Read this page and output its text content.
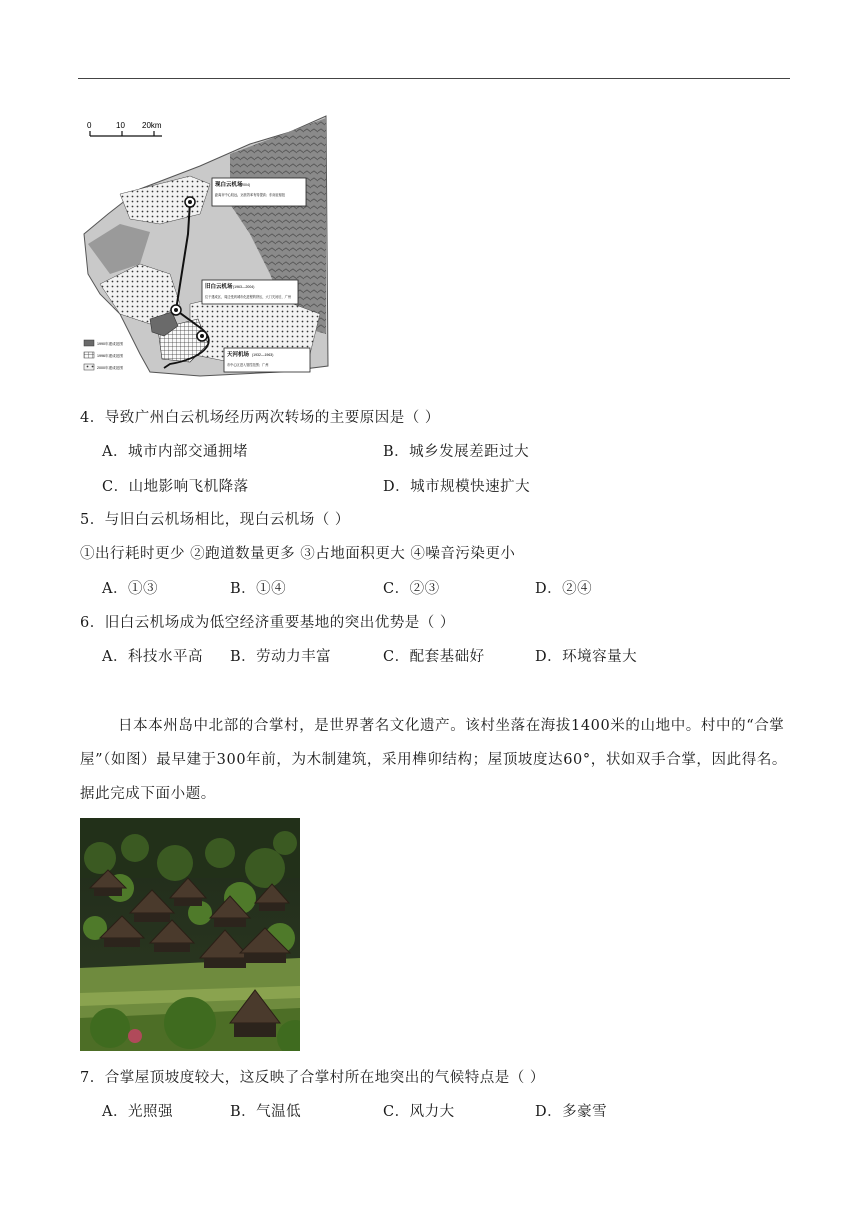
现白云机场
(2004)
距离市中心较远，运营效率有待提高；东南亚枢纽
旧白云机场 (1963—2004)
位于建成区，周边受到城市化进程的挤压，大门关闭后，广州
天河机场 (1932—1963)
市中心区进入管控范围；广州
0	10 20km
1990年建成范围
1996年建成范围
2000年建成范围
4．导致广州白云机场经历两次转场的主要原因是（ ）
A．城市内部交通拥堵	B．城乡发展差距过大
C．山地影响飞机降落	D．城市规模快速扩大
5．与旧白云机场相比，现白云机场（ ）
①出行耗时更少 ②跑道数量更多 ③占地面积更大 ④噪音污染更小
A．①③	B．①④	C．②③	D．②④
6．旧白云机场成为低空经济重要基地的突出优势是（ ）
A．科技水平高 B．劳动力丰富	C．配套基础好	D．环境容量大
日本本州岛中北部的合掌村，是世界著名文化遗产。该村坐落在海拔1400米的山地中。村中的“合掌
屋”（如图）最早建于300年前，为木制建筑，采用榫卯结构；屋顶坡度达60°，状如双手合掌，因此得名。
据此完成下面小题。
7．合掌屋顶坡度较大，这反映了合掌村所在地突出的气候特点是（ ）
A．光照强	B．气温低	C．风力大	D．多豪雪
